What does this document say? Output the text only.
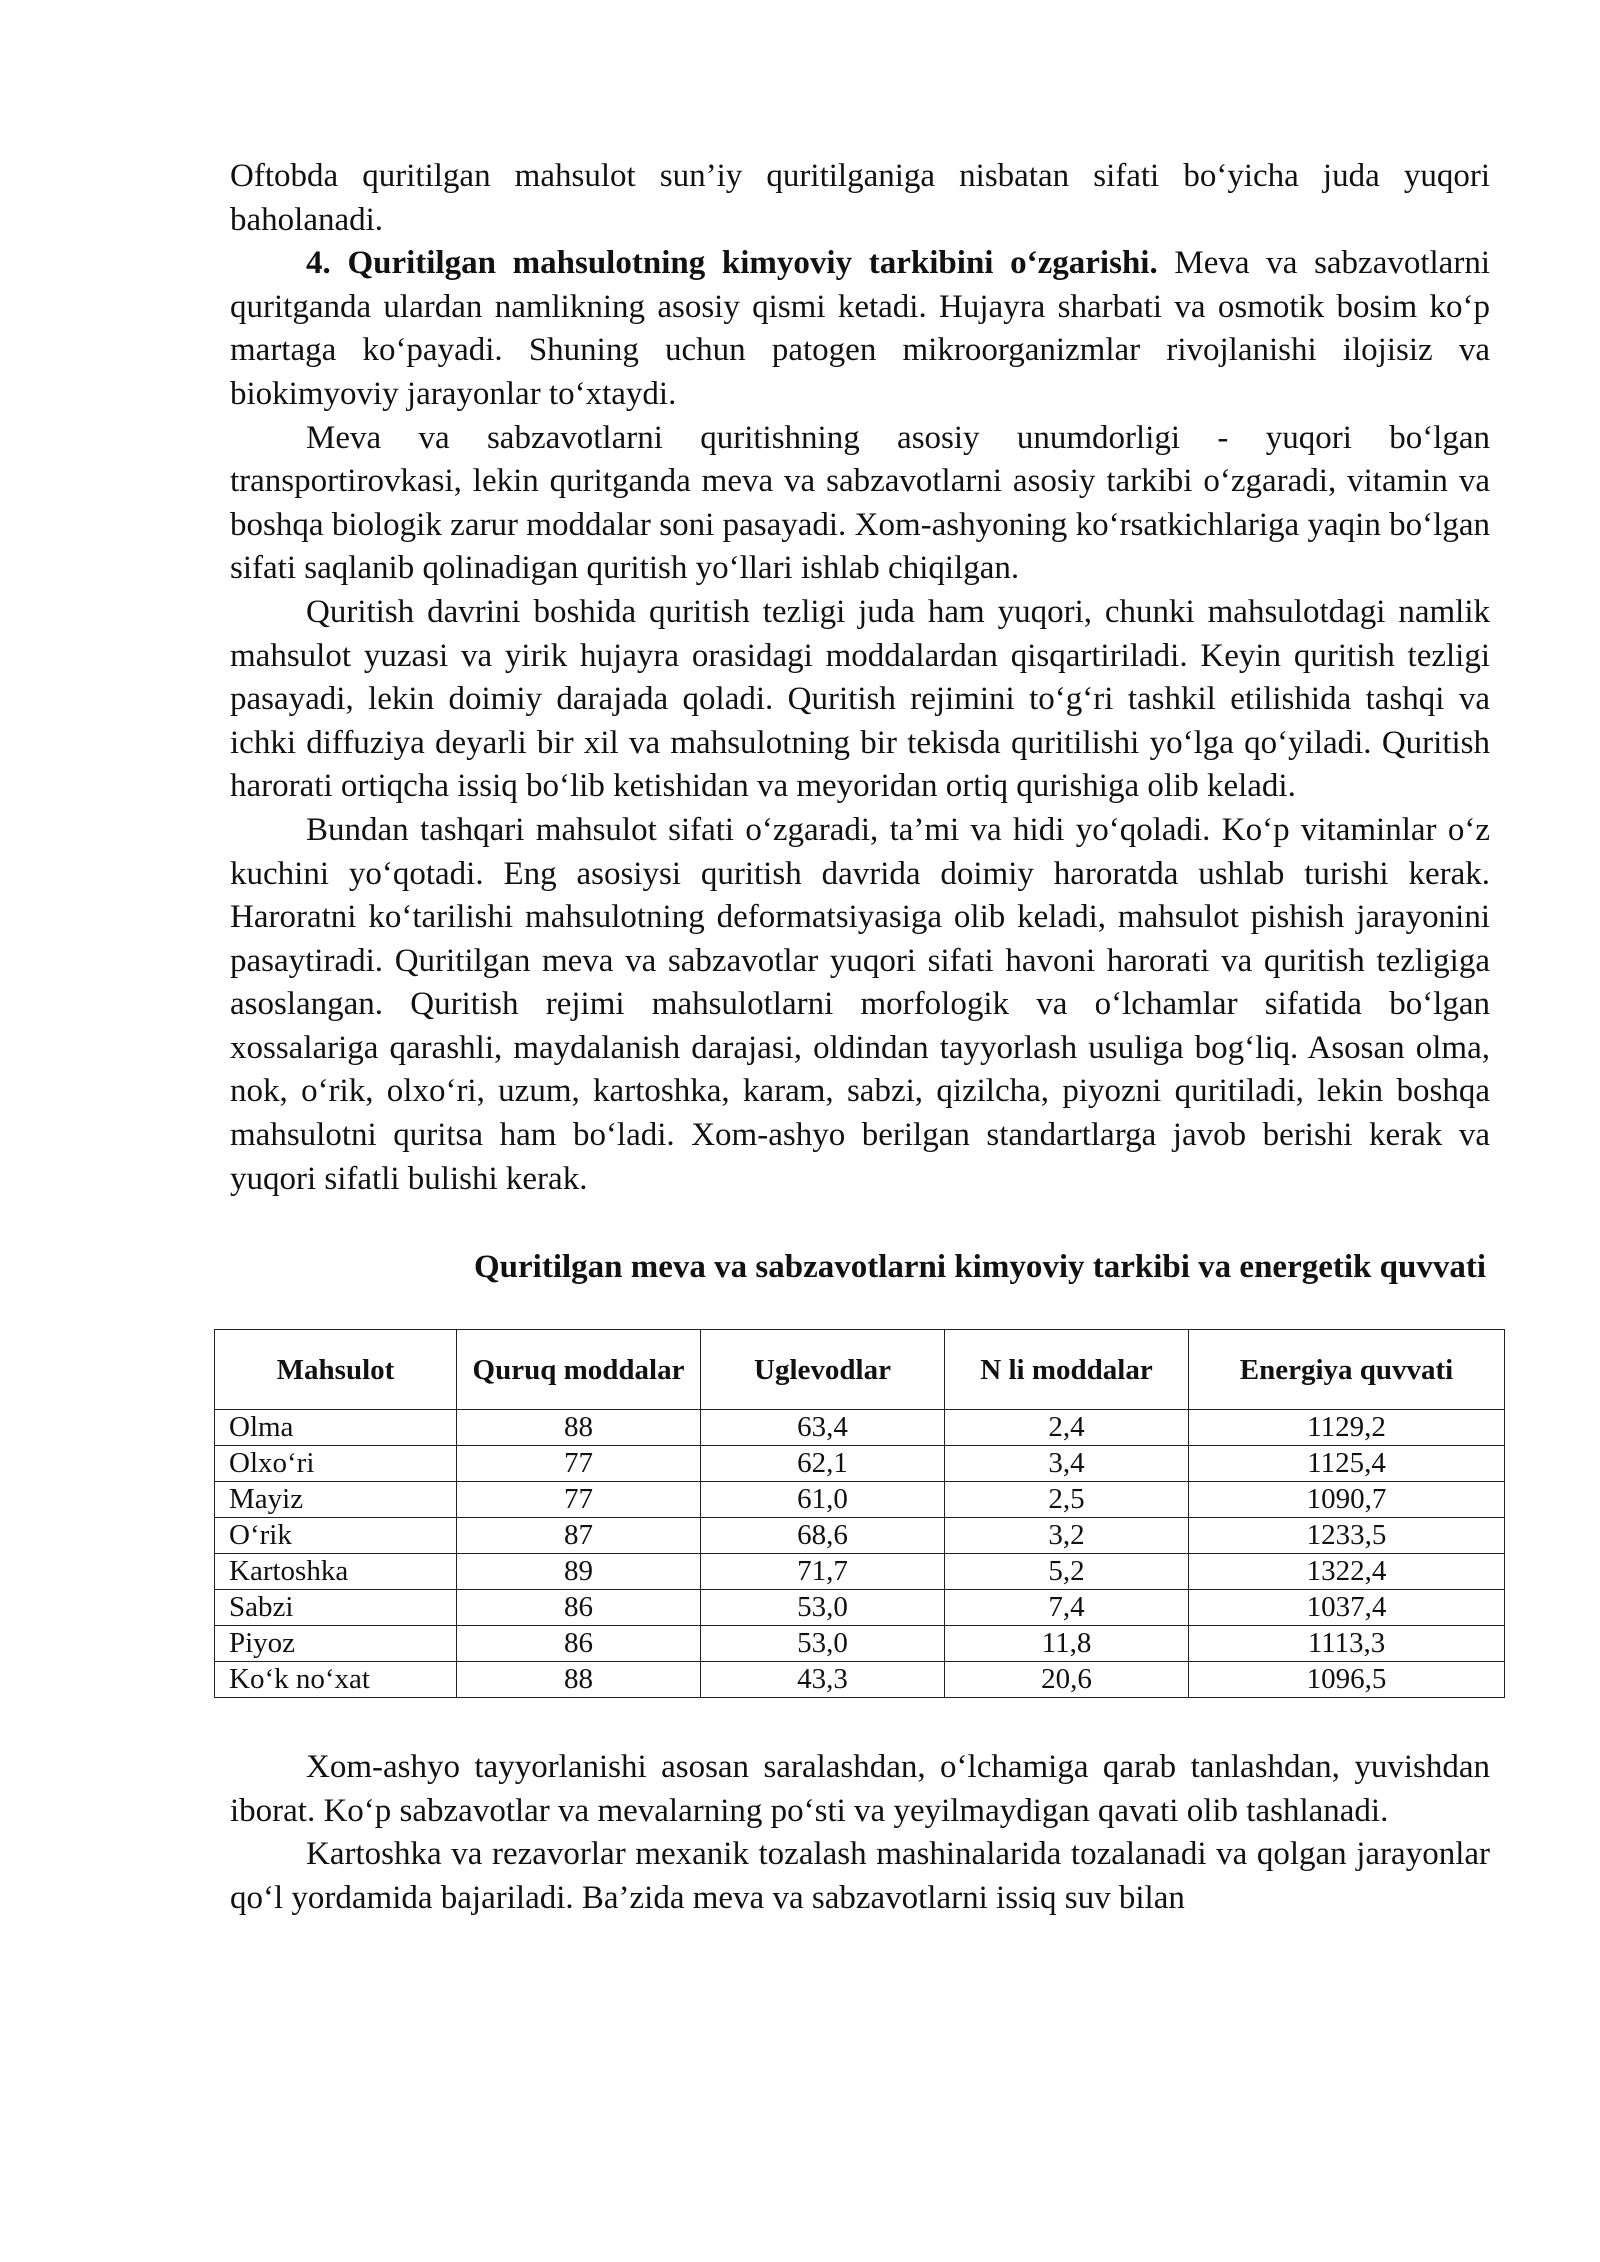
Oftobda quritilgan mahsulot sun’iy quritilganiga nisbatan sifati bo‘yicha juda yuqori baholanadi.

4. Quritilgan mahsulotning kimyoviy tarkibini o‘zgarishi. Meva va sabzavotlarni quritganda ulardan namlikning asosiy qismi ketadi. Hujayra sharbati va osmotik bosim ko‘p martaga ko‘payadi. Shuning uchun patogen mikroorganizmlar rivojlanishi ilojisiz va biokimyoviy jarayonlar to‘xtaydi.

Meva va sabzavotlarni quritishning asosiy unumdorligi - yuqori bo‘lgan transportirovkasi, lekin quritganda meva va sabzavotlarni asosiy tarkibi o‘zgaradi, vitamin va boshqa biologik zarur moddalar soni pasayadi. Xom-ashyoning ko‘rsatkichlariga yaqin bo‘lgan sifati saqlanib qolinadigan quritish yo‘llari ishlab chiqilgan.

Quritish davrini boshida quritish tezligi juda ham yuqori, chunki mahsulotdagi namlik mahsulot yuzasi va yirik hujayra orasidagi moddalardan qisqartiriladi. Keyin quritish tezligi pasayadi, lekin doimiy darajada qoladi. Quritish rejimini to‘g‘ri tashkil etilishida tashqi va ichki diffuziya deyarli bir xil va mahsulotning bir tekisda quritilishi yo‘lga qo‘yiladi. Quritish harorati ortiqcha issiq bo‘lib ketishidan va meyoridan ortiq qurishiga olib keladi.

Bundan tashqari mahsulot sifati o‘zgaradi, ta’mi va hidi yo‘qoladi. Ko‘p vitaminlar o‘z kuchini yo‘qotadi. Eng asosiysi quritish davrida doimiy haroratda ushlab turishi kerak. Haroratni ko‘tarilishi mahsulotning deformatsiyasiga olib keladi, mahsulot pishish jarayonini pasaytiradi. Quritilgan meva va sabzavotlar yuqori sifati havoni harorati va quritish tezligiga asoslangan. Quritish rejimi mahsulotlarni morfologik va o‘lchamlar sifatida bo‘lgan xossalariga qarashli, maydalanish darajasi, oldindan tayyorlash usuliga bog‘liq. Asosan olma, nok, o‘rik, olxo‘ri, uzum, kartoshka, karam, sabzi, qizilcha, piyozni quritiladi, lekin boshqa mahsulotni quritsa ham bo‘ladi. Xom-ashyo berilgan standartlarga javob berishi kerak va yuqori sifatli bulishi kerak.

Quritilgan meva va sabzavotlarni kimyoviy tarkibi va energetik quvvati
Mahsulot	Quruq moddalar	Uglevodlar	N li moddalar	Energiya quvvati
Olma	88	63,4	2,4	1129,2
Olxo‘ri	77	62,1	3,4	1125,4
Mayiz	77	61,0	2,5	1090,7
O‘rik	87	68,6	3,2	1233,5
Kartoshka	89	71,7	5,2	1322,4
Sabzi	86	53,0	7,4	1037,4
Piyoz	86	53,0	11,8	1113,3
Ko‘k no‘xat	88	43,3	20,6	1096,5

Xom-ashyo tayyorlanishi asosan saralashdan, o‘lchamiga qarab tanlashdan, yuvishdan iborat. Ko‘p sabzavotlar va mevalarning po‘sti va yeyilmaydigan qavati olib tashlanadi.

Kartoshka va rezavorlar mexanik tozalash mashinalarida tozalanadi va qolgan jarayonlar qo‘l yordamida bajariladi. Ba’zida meva va sabzavotlarni issiq suv bilan
